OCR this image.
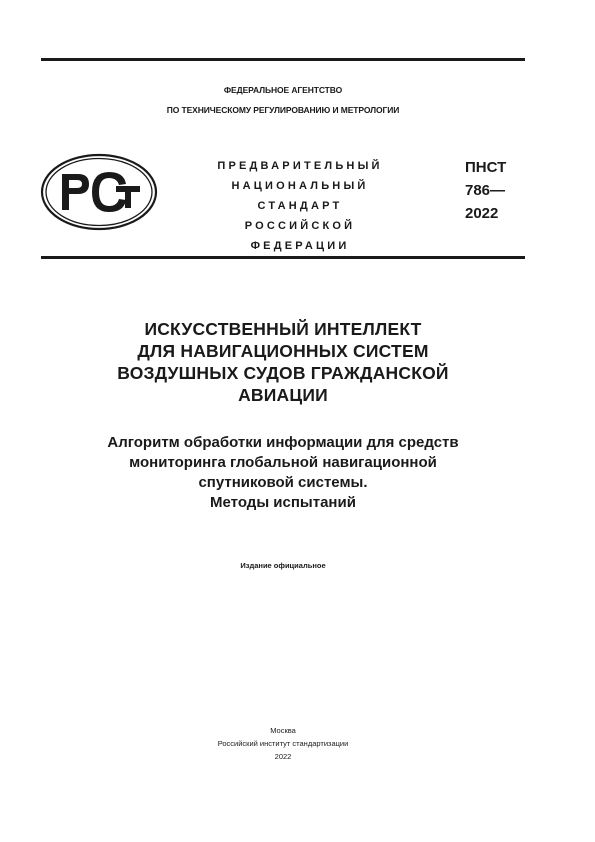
ФЕДЕРАЛЬНОЕ АГЕНТСТВО
ПО ТЕХНИЧЕСКОМУ РЕГУЛИРОВАНИЮ И МЕТРОЛОГИИ
ПРЕДВАРИТЕЛЬНЫЙ
НАЦИОНАЛЬНЫЙ
СТАНДАРТ
РОССИЙСКОЙ
ФЕДЕРАЦИИ
ПНСТ
786—
2022
ИСКУССТВЕННЫЙ ИНТЕЛЛЕКТ
ДЛЯ НАВИГАЦИОННЫХ СИСТЕМ
ВОЗДУШНЫХ СУДОВ ГРАЖДАНСКОЙ
АВИАЦИИ
Алгоритм обработки информации для средств
мониторинга глобальной навигационной
спутниковой системы.
Методы испытаний
Издание официальное
Москва
Российский институт стандартизации
2022
